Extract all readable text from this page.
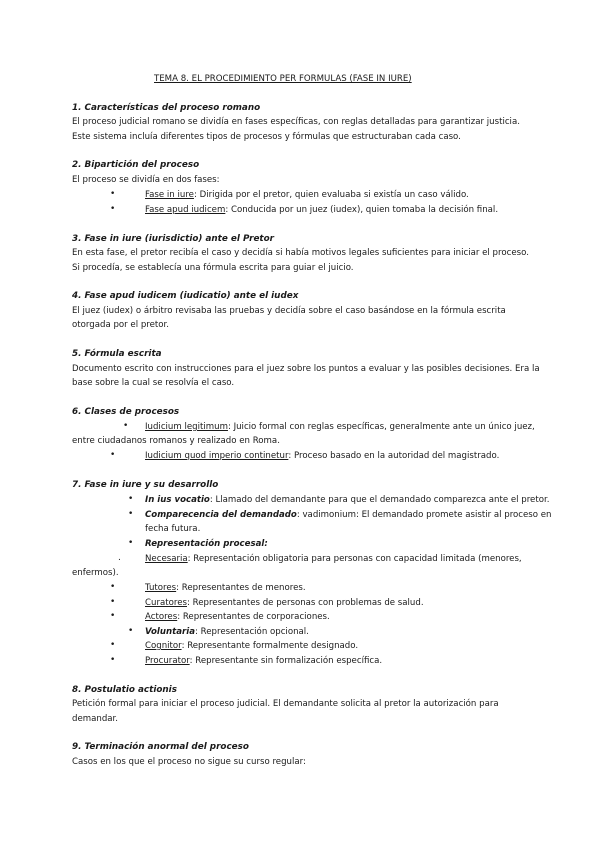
TEMA 8. EL PROCEDIMIENTO PER FORMULAS (FASE IN IURE)
1. Características del proceso romano
El proceso judicial romano se dividía en fases específicas, con reglas detalladas para garantizar justicia.
Este sistema incluía diferentes tipos de procesos y fórmulas que estructuraban cada caso.
2. Bipartición del proceso
El proceso se dividía en dos fases:
•	Fase in iure: Dirigida por el pretor, quien evaluaba si existía un caso válido.
•	Fase apud iudicem: Conducida por un juez (iudex), quien tomaba la decisión final.
3. Fase in iure (iurisdictio) ante el Pretor
En esta fase, el pretor recibía el caso y decidía si había motivos legales suficientes para iniciar el proceso.
Si procedía, se establecía una fórmula escrita para guiar el juicio.
4. Fase apud iudicem (iudicatio) ante el iudex
El juez (iudex) o árbitro revisaba las pruebas y decidía sobre el caso basándose en la fórmula escrita
otorgada por el pretor.
5. Fórmula escrita
Documento escrito con instrucciones para el juez sobre los puntos a evaluar y las posibles decisiones. Era la
base sobre la cual se resolvía el caso.
6. Clases de procesos
• Iudicium legitimum: Juicio formal con reglas específicas, generalmente ante un único juez,
entre ciudadanos romanos y realizado en Roma.
•	Iudicium quod imperio continetur: Proceso basado en la autoridad del magistrado.
7. Fase in iure y su desarrollo
• In ius vocatio: Llamado del demandante para que el demandado comparezca ante el pretor.
• Comparecencia del demandado: vadimonium: El demandado promete asistir al proceso en
fecha futura.
• Representación procesal:
.	Necesaria: Representación obligatoria para personas con capacidad limitada (menores,
enfermos).
•	Tutores: Representantes de menores.
•	Curatores: Representantes de personas con problemas de salud.
•	Actores: Representantes de corporaciones.
• Voluntaria: Representación opcional.
•	Cognitor: Representante formalmente designado.
•	Procurator: Representante sin formalización específica.
8. Postulatio actionis
Petición formal para iniciar el proceso judicial. El demandante solicita al pretor la autorización para
demandar.
9. Terminación anormal del proceso
Casos en los que el proceso no sigue su curso regular:
